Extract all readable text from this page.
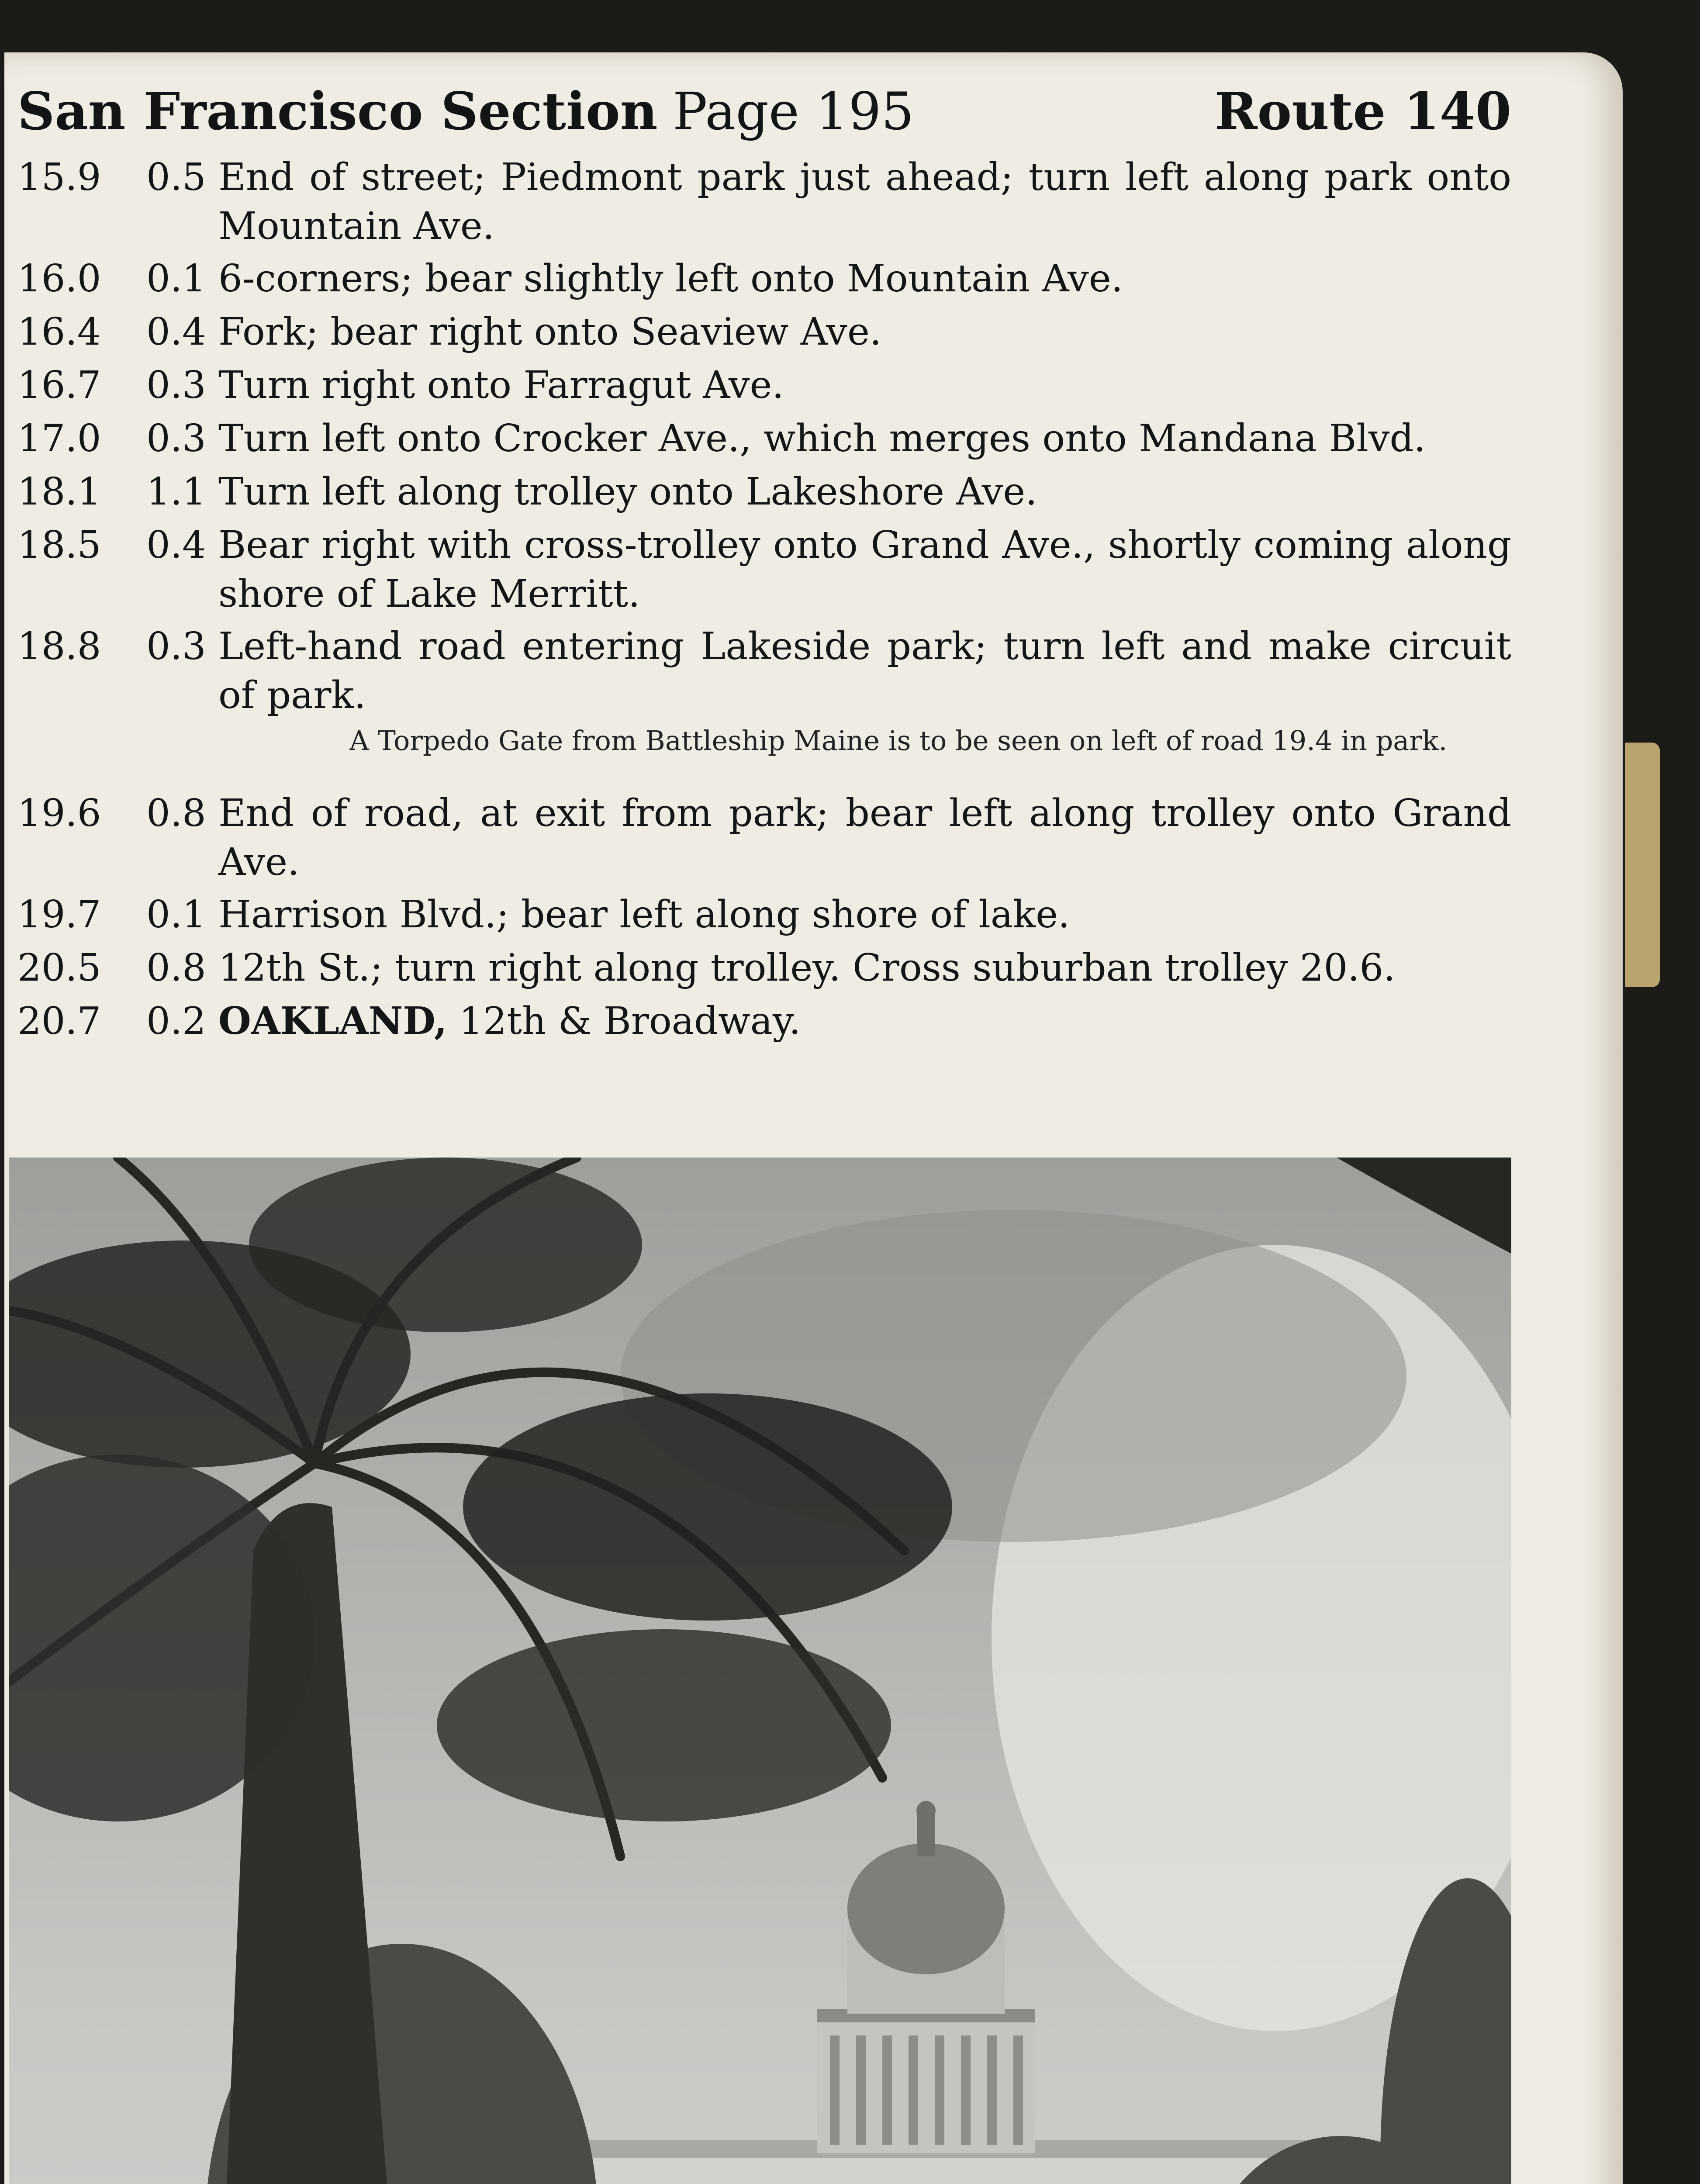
San Francisco Section Page 195	Route 140
15.9	0.5 End of street; Piedmont park just ahead; turn left along park onto Mountain Ave.
16.0	0.1 6-corners; bear slightly left onto Mountain Ave.
16.4	0.4 Fork; bear right onto Seaview Ave.
16.7	0.3 Turn right onto Farragut Ave.
17.0	0.3 Turn left onto Crocker Ave., which merges onto Mandana Blvd.
18.1	1.1 Turn left along trolley onto Lakeshore Ave.
18.5	0.4 Bear right with cross-trolley onto Grand Ave., shortly coming along shore of Lake Merritt.
18.8	0.3 Left-hand road entering Lakeside park; turn left and make circuit of park.
A Torpedo Gate from Battleship Maine is to be seen on left of road 19.4 in park.
19.6	0.8 End of road, at exit from park; bear left along trolley onto Grand Ave.
19.7	0.1 Harrison Blvd.; bear left along shore of lake.
20.5	0.8 12th St.; turn right along trolley. Cross suburban trolley 20.6.
20.7	0.2 OAKLAND, 12th & Broadway.
